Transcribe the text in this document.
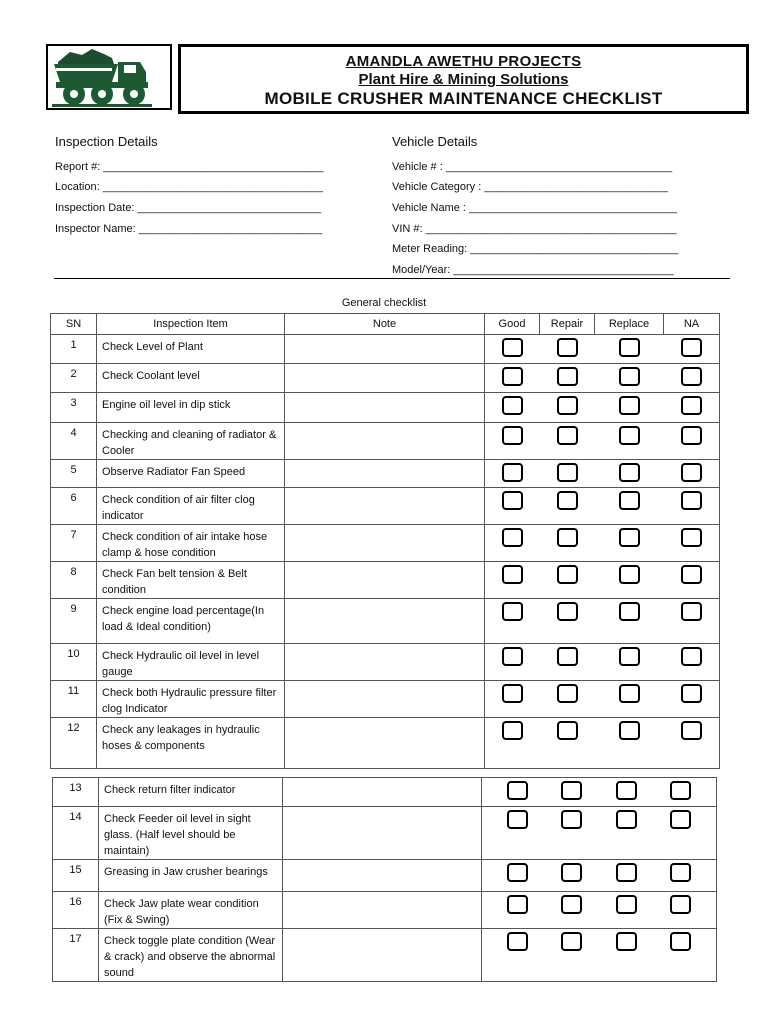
AMANDLA AWETHU PROJECTS
Plant Hire & Mining Solutions
MOBILE CRUSHER MAINTENANCE CHECKLIST
Inspection Details
Report #: ____________________________________
Location: ____________________________________
Inspection Date: ______________________________
Inspector Name: ______________________________
Vehicle Details
Vehicle # : _____________________________________
Vehicle Category : ______________________________
Vehicle Name : __________________________________
VIN #: _________________________________________
Meter Reading: __________________________________
Model/Year: ____________________________________
General checklist
SN	Inspection Item	Note	Good	Repair	Replace	NA
1	Check Level of Plant		

2	Check Coolant level		

3	Engine oil level in dip stick		

4	Checking and cleaning of radiator & Cooler		

5	Observe Radiator Fan Speed		

6	Check condition of air filter clog indicator		

7	Check condition of air intake hose clamp & hose condition		

8	Check Fan belt tension & Belt condition		

9	Check engine load percentage(In load & Ideal condition)		

10	Check Hydraulic oil level in level gauge		

11	Check both Hydraulic pressure filter clog Indicator		

12	Check any leakages in hydraulic hoses & components		

13	Check return filter indicator		

14	Check Feeder oil level in sight glass. (Half level should be maintain)		

15	Greasing in Jaw crusher bearings		

16	Check Jaw plate wear condition (Fix & Swing)		

17	Check toggle plate condition (Wear & crack) and observe the abnormal sound		
